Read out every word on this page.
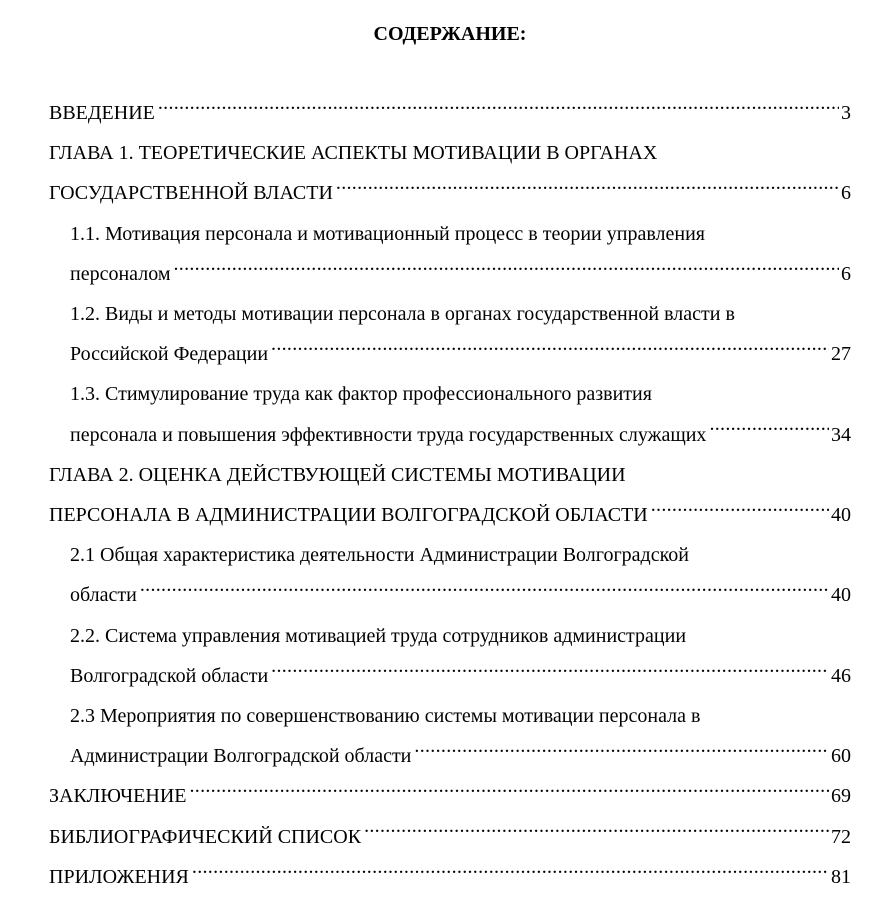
СОДЕРЖАНИЕ:
ВВЕДЕНИЕ .....	3
ГЛАВА 1. ТЕОРЕТИЧЕСКИЕ АСПЕКТЫ МОТИВАЦИИ В ОРГАНАХ
ГОСУДАРСТВЕННОЙ ВЛАСТИ .....	6
1.1. Мотивация персонала и мотивационный процесс в теории управления
персоналом .....	6
1.2. Виды и методы мотивации персонала в органах государственной власти в
Российской Федерации .....	27
1.3. Стимулирование труда как фактор профессионального развития
персонала и повышения эффективности труда государственных служащих .....	34
ГЛАВА 2. ОЦЕНКА ДЕЙСТВУЮЩЕЙ СИСТЕМЫ МОТИВАЦИИ
ПЕРСОНАЛА В АДМИНИСТРАЦИИ ВОЛГОГРАДСКОЙ ОБЛАСТИ .....	40
2.1 Общая характеристика деятельности Администрации Волгоградской
области .....	40
2.2. Система управления мотивацией труда сотрудников администрации
Волгоградской области .....	46
2.3 Мероприятия по совершенствованию системы мотивации персонала в
Администрации Волгоградской области .....	60
ЗАКЛЮЧЕНИЕ .....	69
БИБЛИОГРАФИЧЕСКИЙ СПИСОК .....	72
ПРИЛОЖЕНИЯ .....	81
